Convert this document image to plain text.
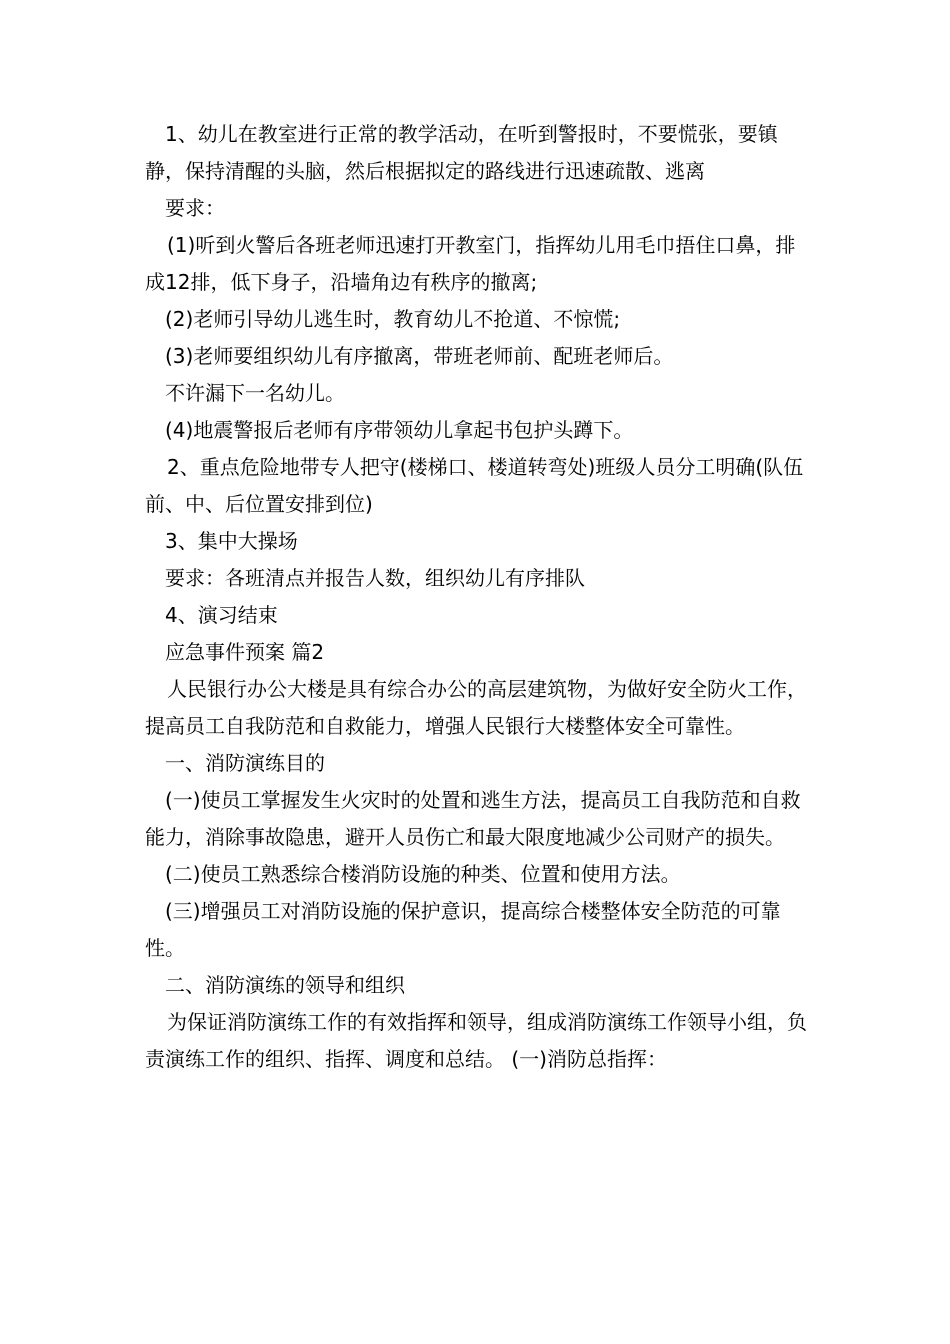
1、幼儿在教室进行正常的教学活动，在听到警报时，不要慌张，要镇静，保持清醒的头脑，然后根据拟定的路线进行迅速疏散、逃离

要求：

(1)听到火警后各班老师迅速打开教室门，指挥幼儿用毛巾捂住口鼻，排成12排，低下身子，沿墙角边有秩序的撤离;

(2)老师引导幼儿逃生时，教育幼儿不抢道、不惊慌;

(3)老师要组织幼儿有序撤离，带班老师前、配班老师后。

不许漏下一名幼儿。

(4)地震警报后老师有序带领幼儿拿起书包护头蹲下。

2、重点危险地带专人把守(楼梯口、楼道转弯处)班级人员分工明确(队伍前、中、后位置安排到位)

3、集中大操场

要求：各班清点并报告人数，组织幼儿有序排队

4、演习结束

应急事件预案 篇2

人民银行办公大楼是具有综合办公的高层建筑物，为做好安全防火工作，提高员工自我防范和自救能力，增强人民银行大楼整体安全可靠性。

一、消防演练目的

(一)使员工掌握发生火灾时的处置和逃生方法，提高员工自我防范和自救能力，消除事故隐患，避开人员伤亡和最大限度地减少公司财产的损失。

(二)使员工熟悉综合楼消防设施的种类、位置和使用方法。

(三)增强员工对消防设施的保护意识，提高综合楼整体安全防范的可靠性。

二、消防演练的领导和组织

为保证消防演练工作的有效指挥和领导，组成消防演练工作领导小组，负责演练工作的组织、指挥、调度和总结。 (一)消防总指挥：
